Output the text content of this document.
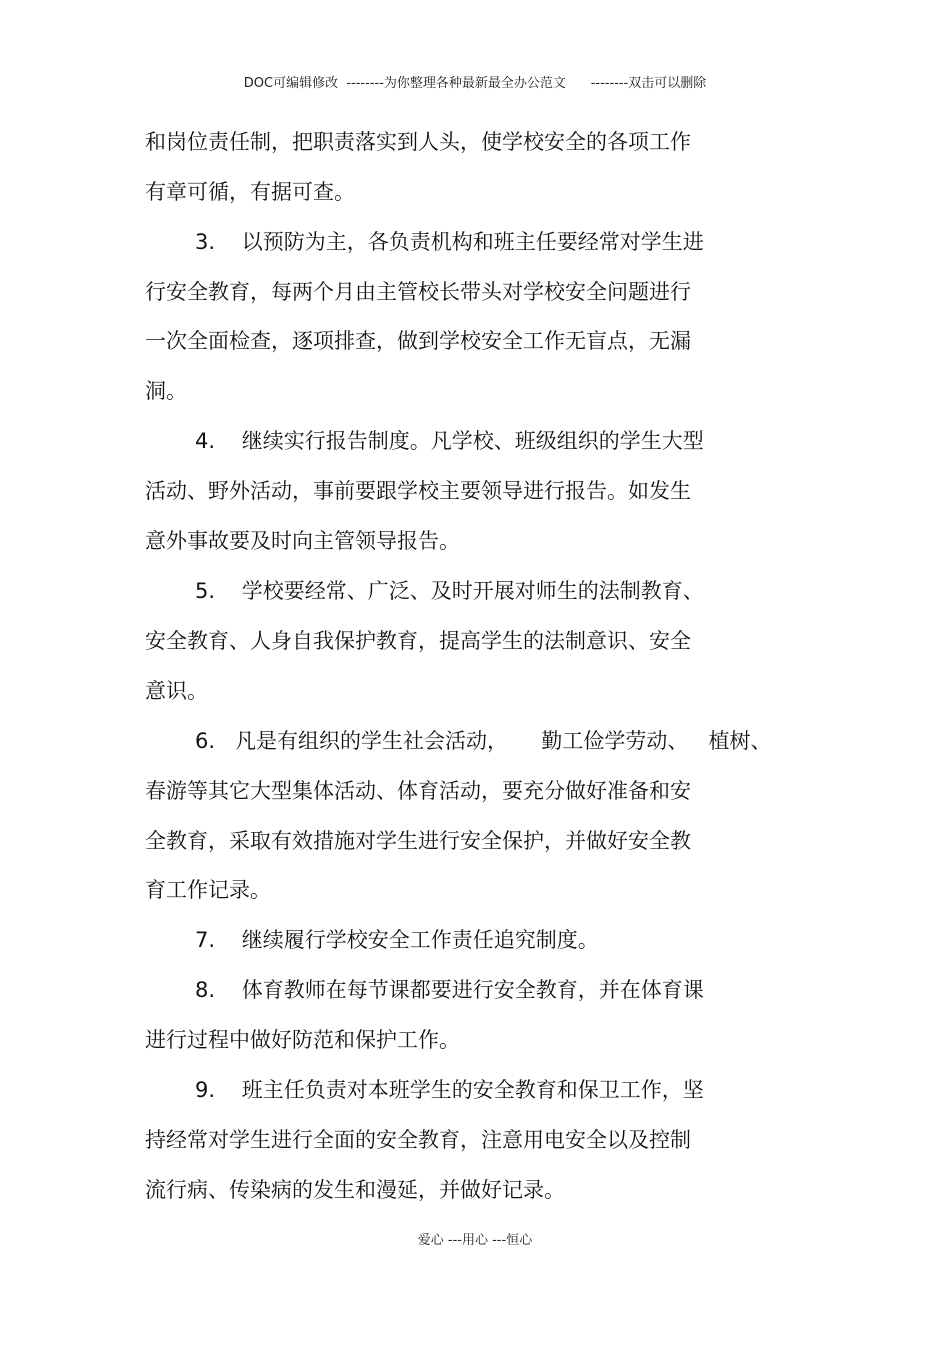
DOC可编辑修改 --------为你整理各种最新最全办公范文 --------双击可以删除
和岗位责任制，把职责落实到人头，使学校安全的各项工作
有章可循，有据可查。
3.    以预防为主，各负责机构和班主任要经常对学生进
行安全教育，每两个月由主管校长带头对学校安全问题进行
一次全面检查，逐项排查，做到学校安全工作无盲点，无漏
洞。
4.    继续实行报告制度。凡学校、班级组织的学生大型
活动、野外活动，事前要跟学校主要领导进行报告。如发生
意外事故要及时向主管领导报告。
5.    学校要经常、广泛、及时开展对师生的法制教育、
安全教育、人身自我保护教育，提高学生的法制意识、安全
意识。
6.   凡是有组织的学生社会活动，     勤工俭学劳动、   植树、
春游等其它大型集体活动、体育活动，要充分做好准备和安
全教育，采取有效措施对学生进行安全保护，并做好安全教
育工作记录。
7.    继续履行学校安全工作责任追究制度。
8.    体育教师在每节课都要进行安全教育，并在体育课
进行过程中做好防范和保护工作。
9.    班主任负责对本班学生的安全教育和保卫工作，坚
持经常对学生进行全面的安全教育，注意用电安全以及控制
流行病、传染病的发生和漫延，并做好记录。
爱心 ---用心 ---恒心
